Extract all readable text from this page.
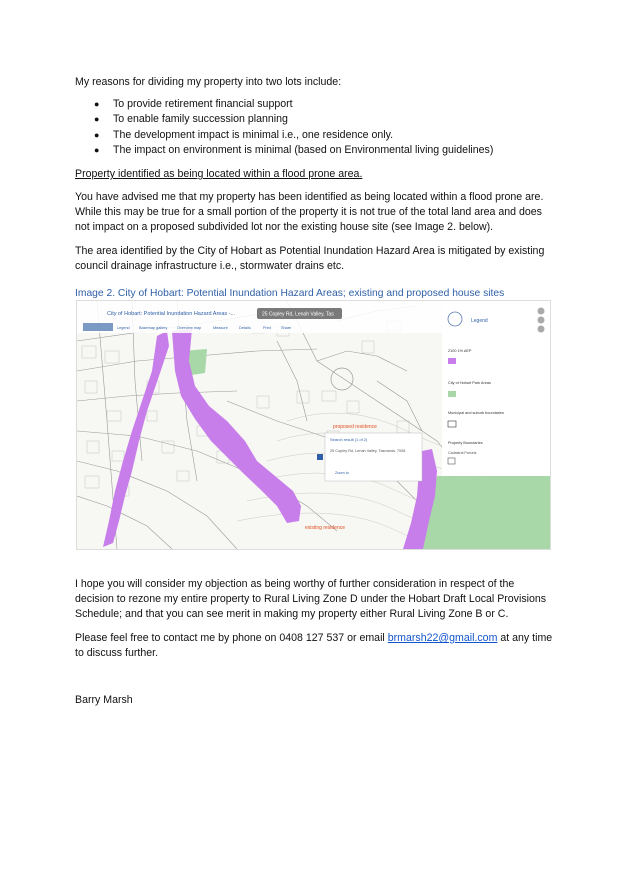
My reasons for dividing my property into two lots include:

● To provide retirement financial support
● To enable family succession planning
● The development impact is minimal i.e., one residence only.
● The impact on environment is minimal (based on Environmental living guidelines)

Property identified as being located within a flood prone area.

You have advised me that my property has been identified as being located within a flood prone are. While this may be true for a small portion of the property it is not true of the total land area and does not impact on a proposed subdivided lot nor the existing house site (see Image 2. below).

The area identified by the City of Hobart as Potential Inundation Hazard Area is mitigated by existing council drainage infrastructure i.e., stormwater drains etc.

Image 2. City of Hobart: Potential Inundation Hazard Areas; existing and proposed house sites

City of Hobart: Potential Inundation Hazard Areas -...	25 Copley Rd, Lenah Valley, Tas
Legend Basemap gallery	Overview map	Measure	Details	Print	Share
Legend
2100 1% AEP
City of Hobart Park Areas
Municipal and suburb boundaries
Property Boundaries
Cadastral Parcels
proposed residence
existing residence
Search result (1 of 2)
25 Copley Rd, Lenah Valley, Tasmania, 7008
Zoom to

I hope you will consider my objection as being worthy of further consideration in respect of the decision to rezone my entire property to Rural Living Zone D under the Hobart Draft Local Provisions Schedule; and that you can see merit in making my property either Rural Living Zone B or C.

Please feel free to contact me by phone on 0408 127 537 or email brmarsh22@gmail.com at any time to discuss further.

Barry Marsh
